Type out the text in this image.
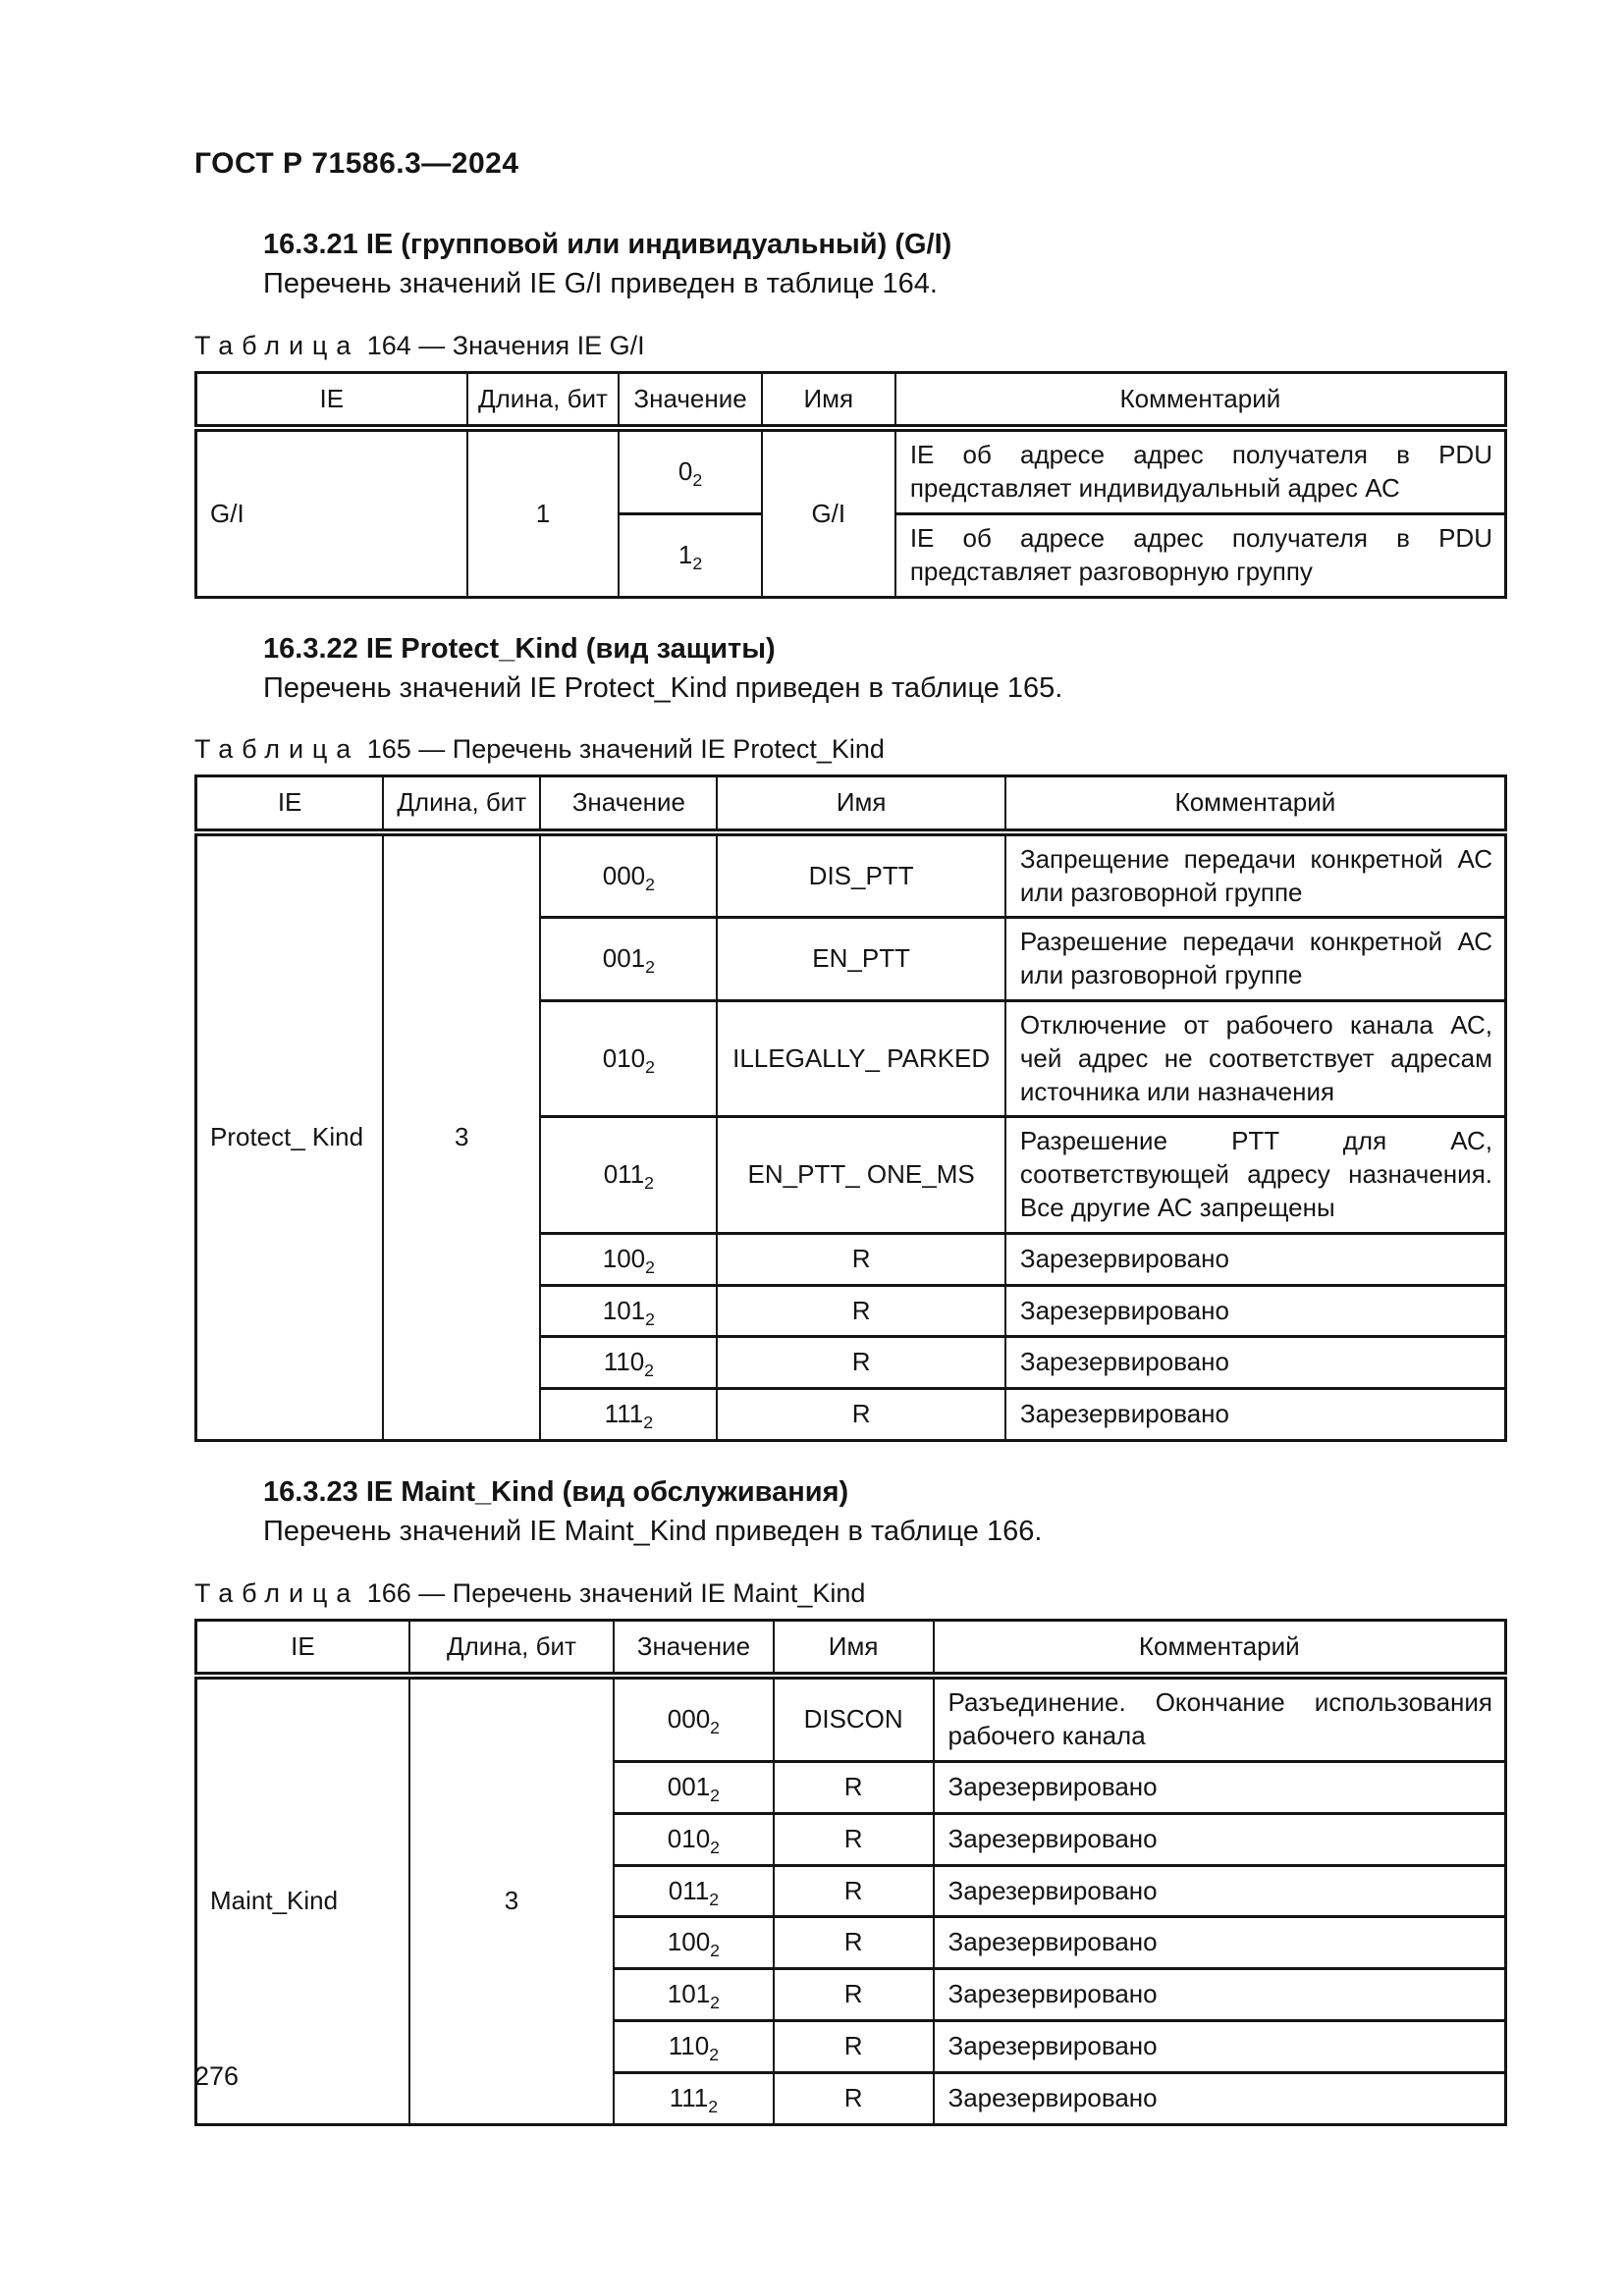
ГОСТ Р 71586.3—2024
16.3.21 IE (групповой или индивидуальный) (G/I)
Перечень значений IE G/I приведен в таблице 164.
Таблица 164 — Значения IE G/I
IE	Длина, бит	Значение	Имя	Комментарий
G/I	1	$0_2$	G/I	IE об адресе адрес получателя в PDU представляет индивидуальный адрес АС
		$1_2$		IE об адресе адрес получателя в PDU представляет разговорную группу
16.3.22 IE Protect_Kind (вид защиты)
Перечень значений IE Protect_Kind приведен в таблице 165.
Таблица 165 — Перечень значений IE Protect_Kind
IE	Длина, бит	Значение	Имя	Комментарий
Protect_ Kind	3	$000_2$	DIS_PTT	Запрещение передачи конкретной АС или разговорной группе
		$001_2$	EN_PTT	Разрешение передачи конкретной АС или разговорной группе
		$010_2$	ILLEGALLY_ PARKED	Отключение от рабочего канала АС, чей адрес не соответствует адресам источника или назначения
		$011_2$	EN_PTT_ ONE_MS	Разрешение PTT для АС, соответствующей адресу назначения. Все другие АС запрещены
		$100_2$	R	Зарезервировано
		$101_2$	R	Зарезервировано
		$110_2$	R	Зарезервировано
		$111_2$	R	Зарезервировано
16.3.23 IE Maint_Kind (вид обслуживания)
Перечень значений IE Maint_Kind приведен в таблице 166.
Таблица 166 — Перечень значений IE Maint_Kind
IE	Длина, бит	Значение	Имя	Комментарий
Maint_Kind	3	$000_2$	DISCON	Разъединение. Окончание использования рабочего канала
		$001_2$	R	Зарезервировано
		$010_2$	R	Зарезервировано
		$011_2$	R	Зарезервировано
		$100_2$	R	Зарезервировано
		$101_2$	R	Зарезервировано
		$110_2$	R	Зарезервировано
		$111_2$	R	Зарезервировано
276
